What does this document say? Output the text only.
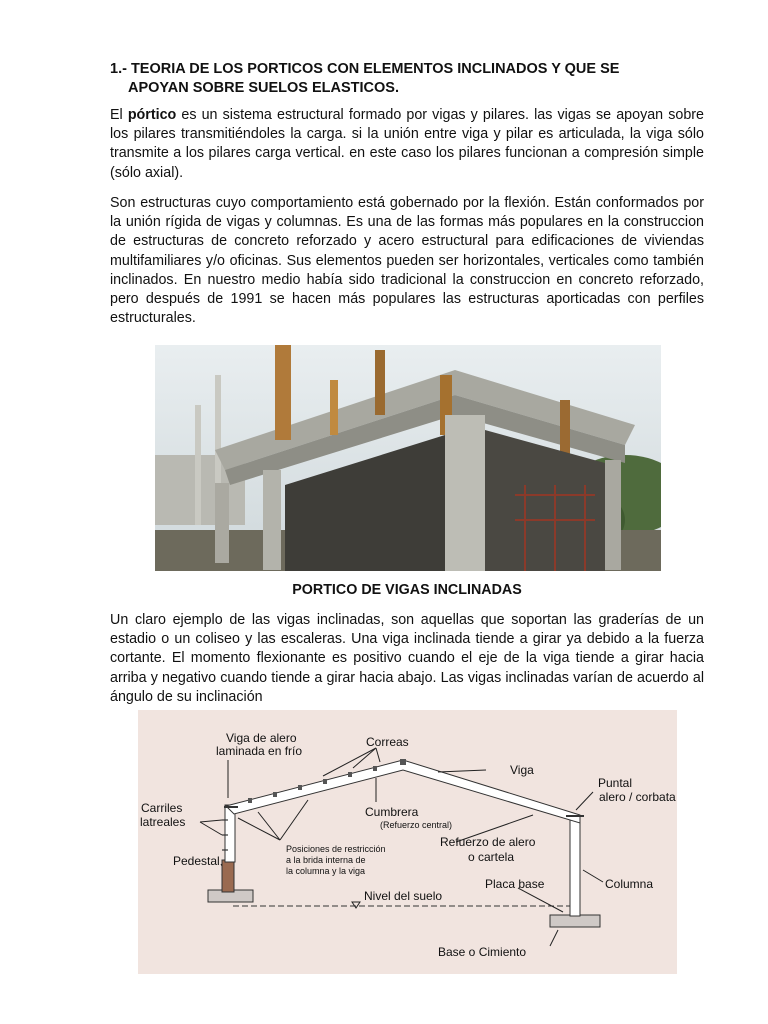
1.- TEORIA DE LOS PORTICOS CON ELEMENTOS INCLINADOS Y QUE SE
APOYAN SOBRE SUELOS ELASTICOS.

El pórtico es un sistema estructural formado por vigas y pilares. las vigas se apoyan sobre los pilares transmitiéndoles la carga. si la unión entre viga y pilar es articulada, la viga sólo transmite a los pilares carga vertical. en este caso los pilares funcionan a compresión simple (sólo axial).

Son estructuras cuyo comportamiento está gobernado por la flexión. Están conformados por la unión rígida de vigas y columnas. Es una de las formas más populares en la construccion de estructuras de concreto reforzado y acero estructural para edificaciones de viviendas multifamiliares y/o oficinas. Sus elementos pueden ser horizontales, verticales como también inclinados. En nuestro medio había sido tradicional la construccion en concreto reforzado, pero después de 1991 se hacen más populares las estructuras aporticadas con perfiles estructurales.

PORTICO DE VIGAS INCLINADAS

Un claro ejemplo de las vigas inclinadas, son aquellas que soportan las graderías de un estadio o un coliseo y las escaleras. Una viga inclinada tiende a girar ya debido a la fuerza cortante. El momento flexionante es positivo cuando el eje de la viga tiende a girar hacia arriba y negativo cuando tiende a girar hacia abajo. Las vigas inclinadas varían de acuerdo al ángulo de su inclinación

Viga de alero
laminada en frío
Correas
Viga
Puntal
alero / corbata
Carriles
latreales
Cumbrera
(Refuerzo central)
Refuerzo de alero
o cartela
Posiciones de restricción
a la brida interna de
la columna y la viga
Pedestal
Nivel del suelo
Placa base	Columna
Base o Cimiento
